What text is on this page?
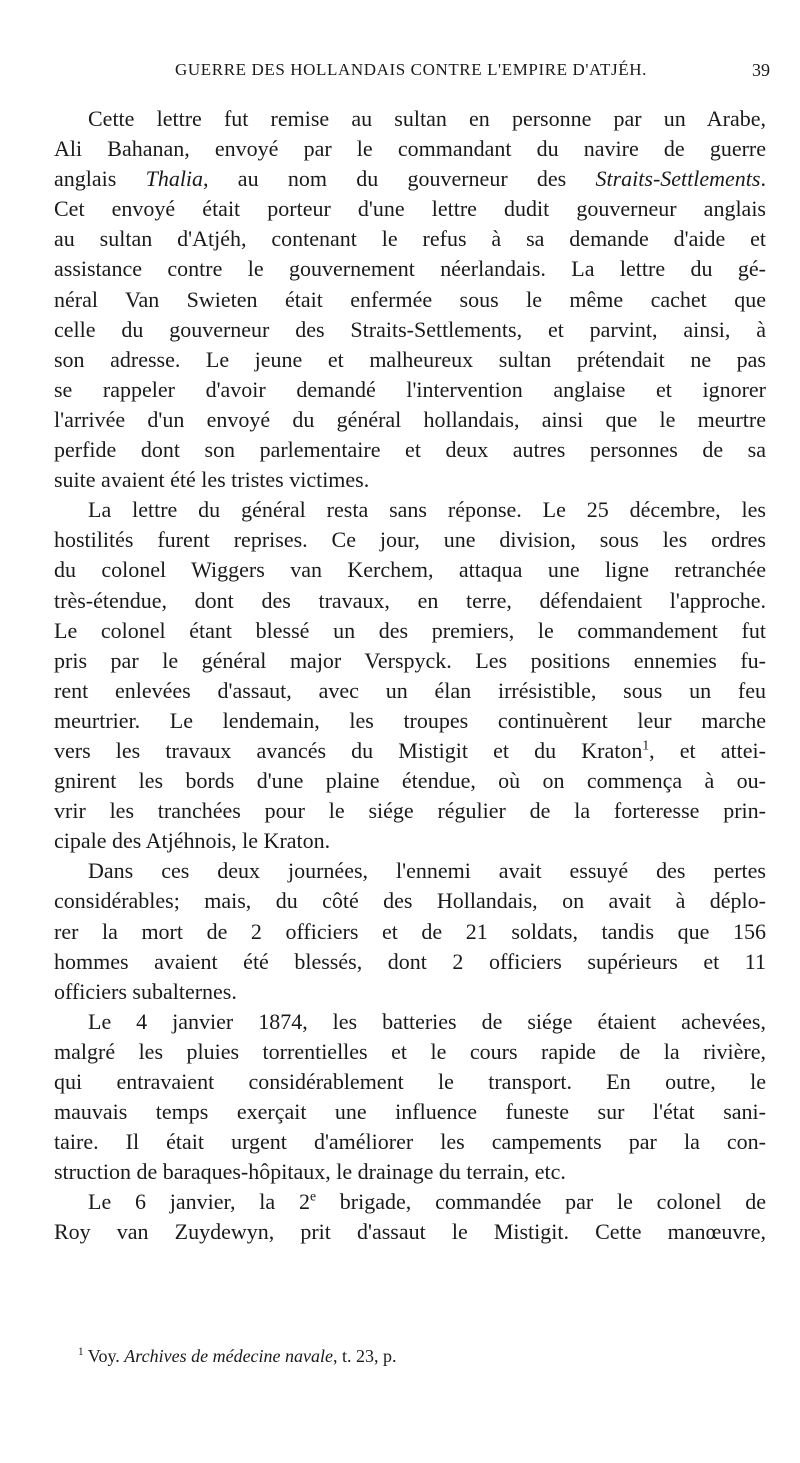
GUERRE DES HOLLANDAIS CONTRE L'EMPIRE D'ATJÉH.	39
Cette lettre fut remise au sultan en personne par un Arabe,
Ali Bahanan, envoyé par le commandant du navire de guerre
anglais Thalia, au nom du gouverneur des Straits-Settlements.
Cet envoyé était porteur d'une lettre dudit gouverneur anglais
au sultan d'Atjéh, contenant le refus à sa demande d'aide et
assistance contre le gouvernement néerlandais. La lettre du gé-
néral Van Swieten était enfermée sous le même cachet que
celle du gouverneur des Straits-Settlements, et parvint, ainsi, à
son adresse. Le jeune et malheureux sultan prétendait ne pas
se rappeler d'avoir demandé l'intervention anglaise et ignorer
l'arrivée d'un envoyé du général hollandais, ainsi que le meurtre
perfide dont son parlementaire et deux autres personnes de sa
suite avaient été les tristes victimes.
La lettre du général resta sans réponse. Le 25 décembre, les
hostilités furent reprises. Ce jour, une division, sous les ordres
du colonel Wiggers van Kerchem, attaqua une ligne retranchée
très-étendue, dont des travaux, en terre, défendaient l'approche.
Le colonel étant blessé un des premiers, le commandement fut
pris par le général major Verspyck. Les positions ennemies fu-
rent enlevées d'assaut, avec un élan irrésistible, sous un feu
meurtrier. Le lendemain, les troupes continuèrent leur marche
vers les travaux avancés du Mistigit et du Kraton$^1$, et attei-
gnirent les bords d'une plaine étendue, où on commença à ou-
vrir les tranchées pour le siége régulier de la forteresse prin-
cipale des Atjéhnois, le Kraton.
Dans ces deux journées, l'ennemi avait essuyé des pertes
considérables; mais, du côté des Hollandais, on avait à déplo-
rer la mort de 2 officiers et de 21 soldats, tandis que 156
hommes avaient été blessés, dont 2 officiers supérieurs et 11
officiers subalternes.
Le 4 janvier 1874, les batteries de siége étaient achevées,
malgré les pluies torrentielles et le cours rapide de la rivière,
qui entravaient considérablement le transport. En outre, le
mauvais temps exerçait une influence funeste sur l'état sani-
taire. Il était urgent d'améliorer les campements par la con-
struction de baraques-hôpitaux, le drainage du terrain, etc.
Le 6 janvier, la 2e brigade, commandée par le colonel de
Roy van Zuydewyn, prit d'assaut le Mistigit. Cette manœuvre,
$^1$ Voy. Archives de médecine navale, t. 23, p.
